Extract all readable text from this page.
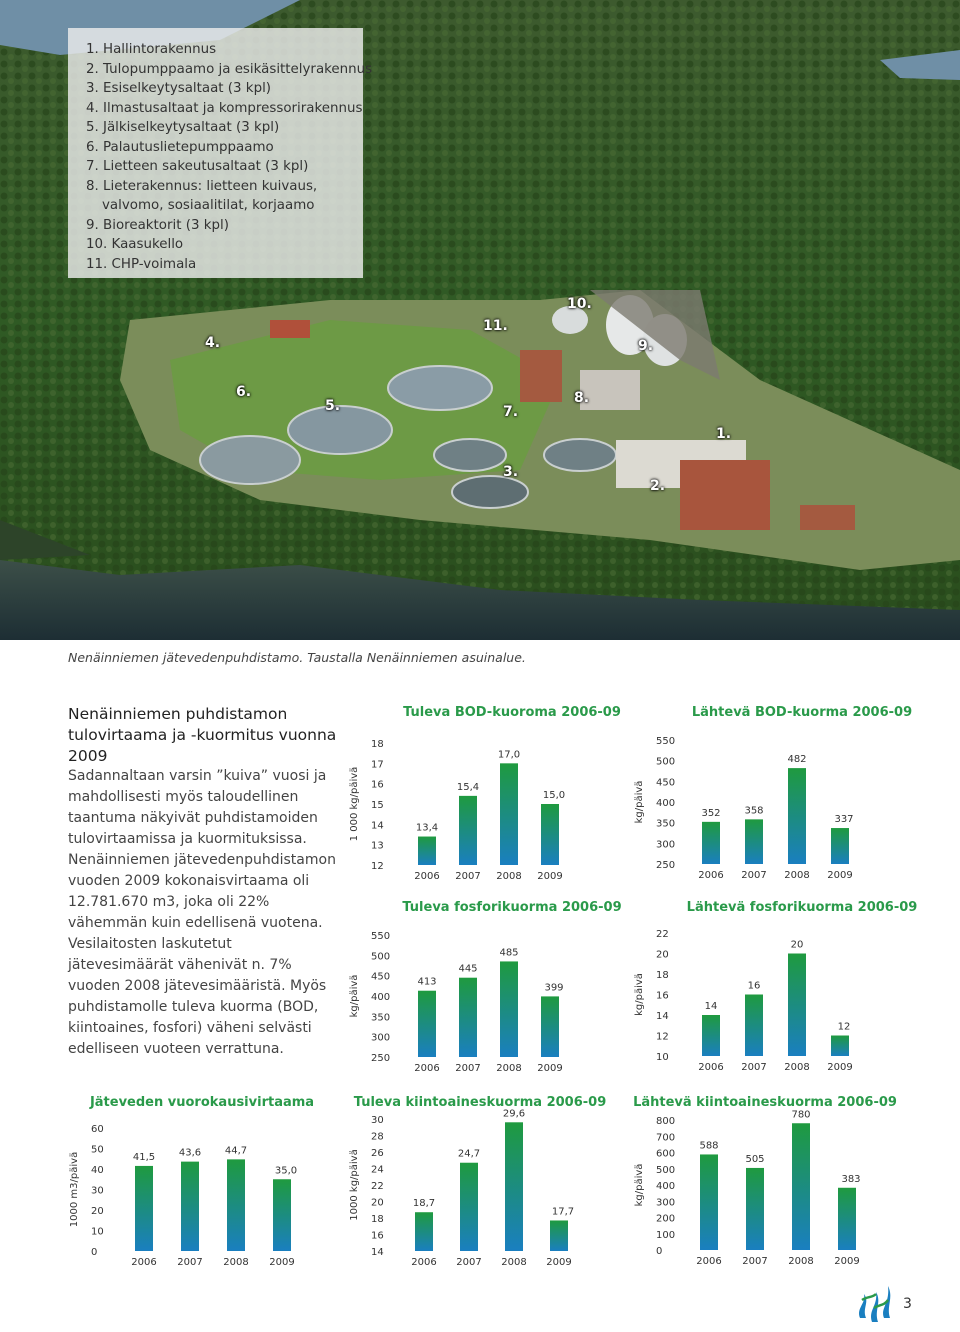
1. Hallintorakennus
2. Tulopumppaamo ja esikäsittelyrakennus
3. Esiselkeytysaltaat (3 kpl)
4. Ilmastusaltaat ja kompressorirakennus
5. Jälkiselkeytysaltaat (3 kpl)
6. Palautuslietepumppaamo
7. Lietteen sakeutusaltaat (3 kpl)
8. Lieterakennus: lietteen kuivaus,
valvomo, sosiaalitilat, korjaamo
9. Bioreaktorit (3 kpl)
10. Kaasukello
11. CHP-voimala
1.
2.
3.
4.
5.
6.
7.
8.
9.
10.
11.
Nenäinniemen jätevedenpuhdistamo. Taustalla Nenäinniemen asuinalue.
Nenäinniemen puhdistamon tulovirtaama ja -kuormitus vuonna 2009
Sadannaltaan varsin ”kuiva” vuosi ja mahdollisesti myös taloudellinen taantuma näkyivät puhdistamoiden tulovirtaamissa ja kuormituksissa. Nenäinniemen jätevedenpuhdistamon vuoden 2009 kokonaisvirtaama oli 12.781.670 m3, joka oli 22% vähemmän kuin edellisenä vuotena. Vesilaitosten laskutetut jätevesimäärät vähenivät n. 7% vuoden 2008 jätevesimääristä. Myös puhdistamolle tuleva kuorma (BOD, kiintoaines, fosfori) väheni selvästi edelliseen vuoteen verrattuna.
Tuleva BOD-kuoroma 2006-09
1 000 kg/päivä
18
17
16
15
14
13
12
13,4
2006
15,4
2007
17,0
2008
15,0
2009
Lähtevä BOD-kuorma 2006-09
kg/päivä
550
500
450
400
350
300
250
352
2006
358
2007
482
2008
337
2009
Tuleva fosforikuorma 2006-09
kg/päivä
550
500
450
400
350
300
250
413
2006
445
2007
485
2008
399
2009
Lähtevä fosforikuorma 2006-09
kg/päivä
22
20
18
16
14
12
10
14
2006
16
2007
20
2008
12
2009
Jäteveden vuorokausivirtaama
1000 m3/päivä
60
50
40
30
20
10
0
41,5
2006
43,6
2007
44,7
2008
35,0
2009
Tuleva kiintoaineskuorma 2006-09
1000 kg/päivä
30
28
26
24
22
20
18
16
14
18,7
2006
24,7
2007
29,6
2008
17,7
2009
Lähtevä kiintoaineskuorma 2006-09
kg/päivä
800
700
600
500
400
300
200
100
0
588
2006
505
2007
780
2008
383
2009
3
